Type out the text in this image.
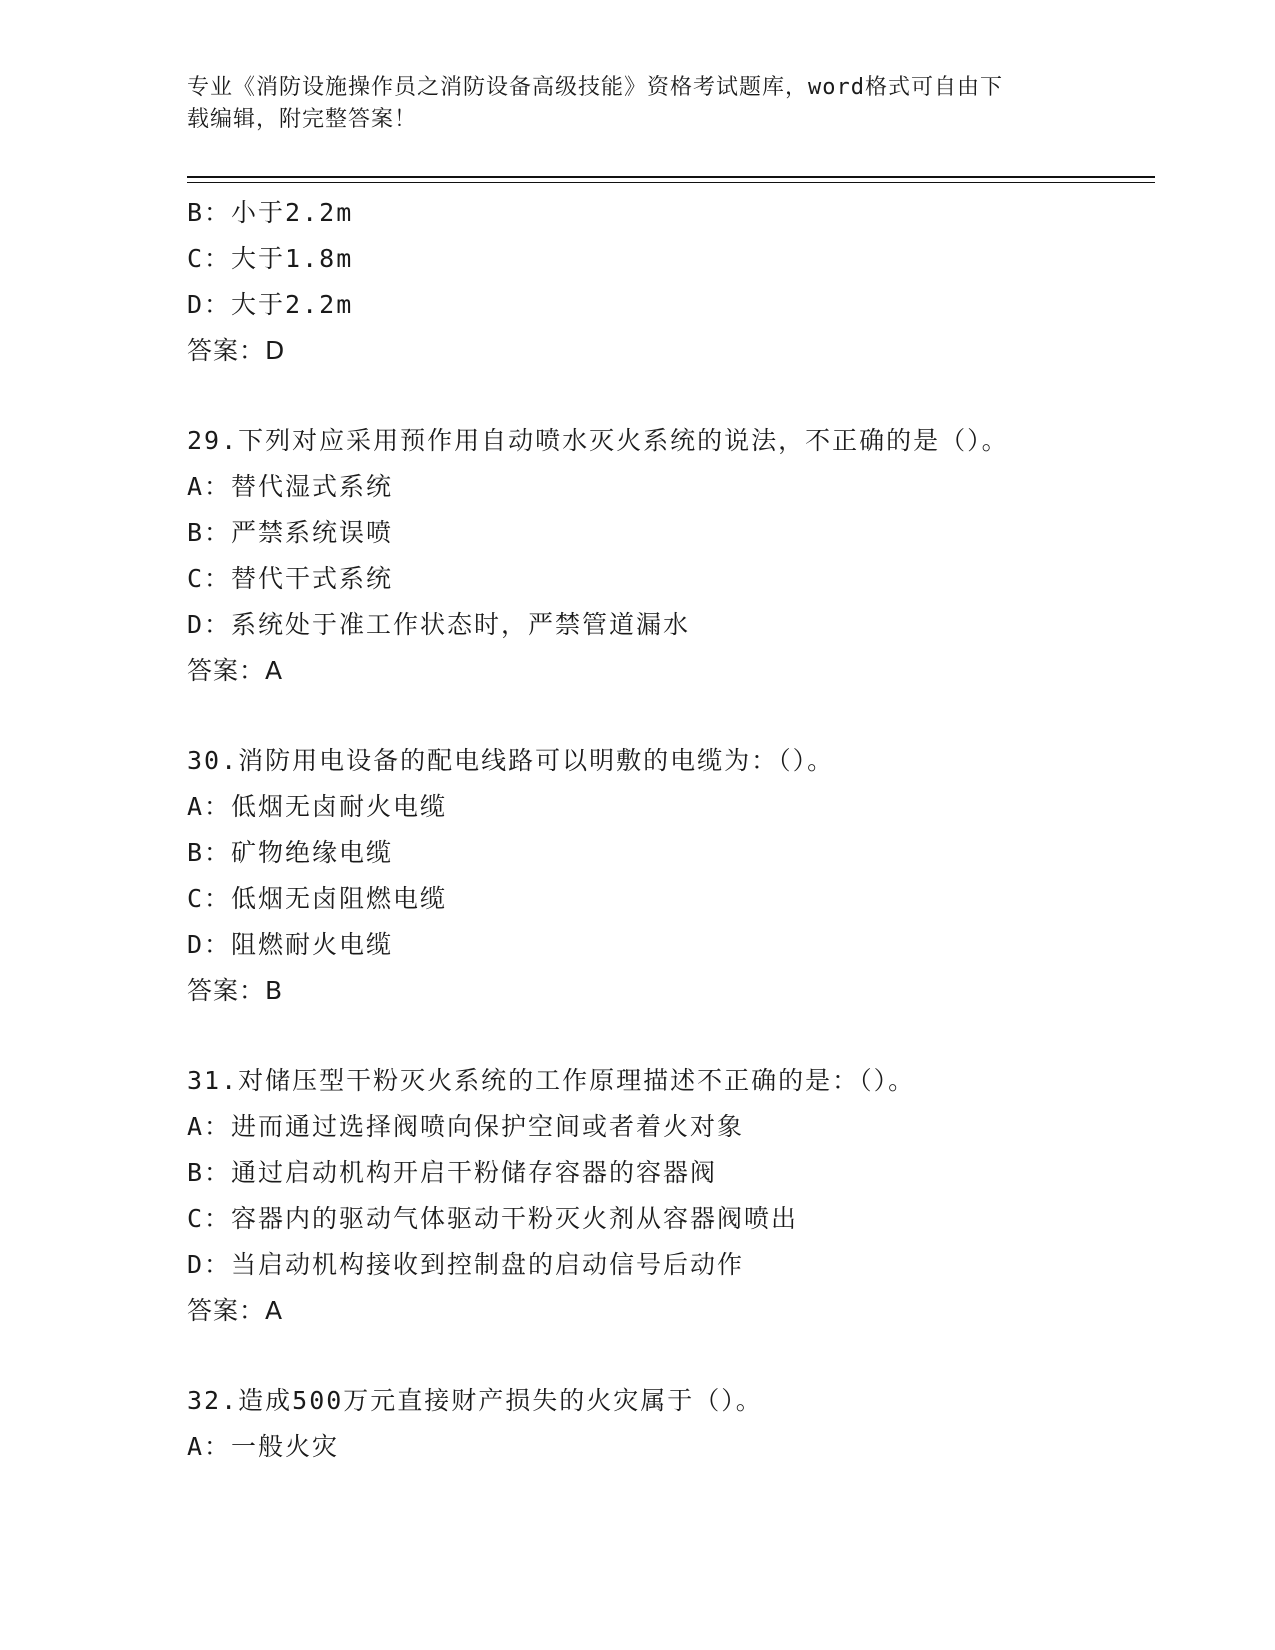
专业《消防设施操作员之消防设备高级技能》资格考试题库，word格式可自由下
载编辑，附完整答案！
B：小于2.2m
C：大于1.8m
D：大于2.2m
答案：D
29.下列对应采用预作用自动喷水灭火系统的说法，不正确的是（）。
A：替代湿式系统
B：严禁系统误喷
C：替代干式系统
D：系统处于准工作状态时，严禁管道漏水
答案：A
30.消防用电设备的配电线路可以明敷的电缆为：（）。
A：低烟无卤耐火电缆
B：矿物绝缘电缆
C：低烟无卤阻燃电缆
D：阻燃耐火电缆
答案：B
31.对储压型干粉灭火系统的工作原理描述不正确的是：（）。
A：进而通过选择阀喷向保护空间或者着火对象
B：通过启动机构开启干粉储存容器的容器阀
C：容器内的驱动气体驱动干粉灭火剂从容器阀喷出
D：当启动机构接收到控制盘的启动信号后动作
答案：A
32.造成500万元直接财产损失的火灾属于（）。
A：一般火灾
